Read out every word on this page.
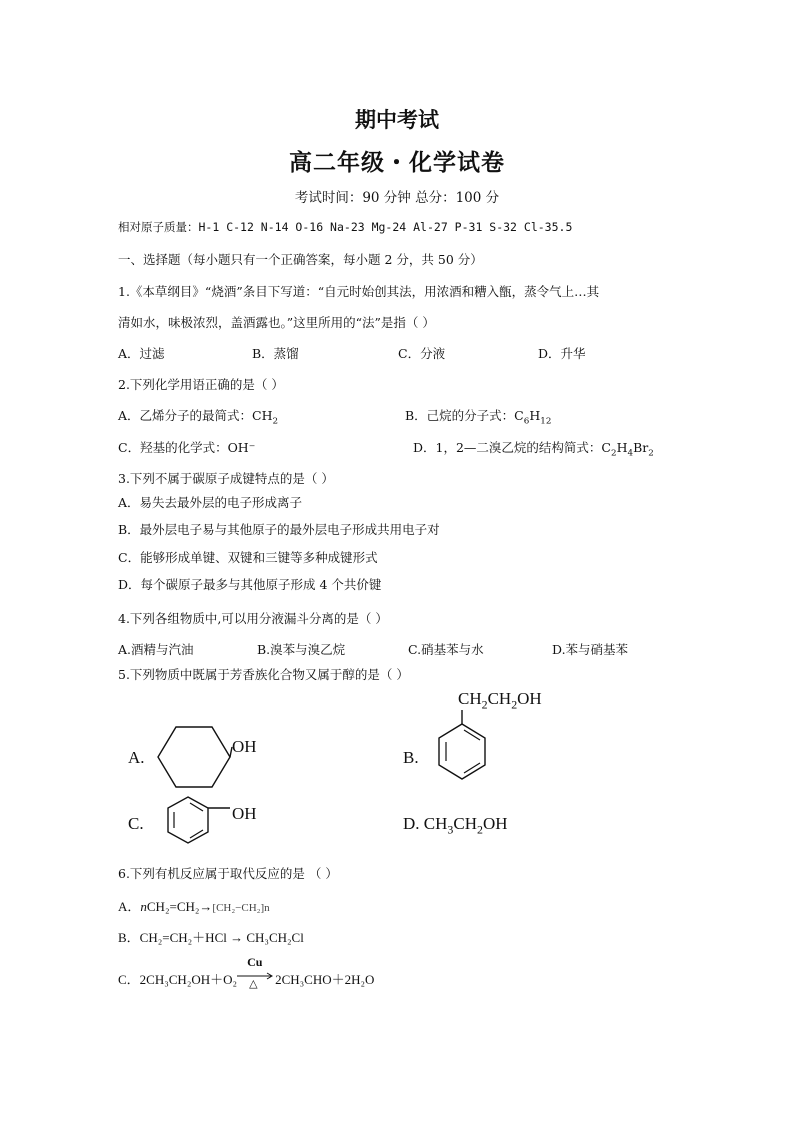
期中考试
高二年级・化学试卷
考试时间：90 分钟 总分：100 分
相对原子质量：H-1 C-12 N-14 O-16 Na-23 Mg-24 Al-27 P-31 S-32 Cl-35.5
一、选择题（每小题只有一个正确答案，每小题 2 分，共 50 分）
1.《本草纲目》“烧酒”条目下写道：“自元时始创其法，用浓酒和糟入甑，蒸令气上…其
清如水，味极浓烈，盖酒露也。”这里所用的“法”是指（ ）
A．过滤	B．蒸馏	C．分液	D．升华
2.下列化学用语正确的是（ ）
A．乙烯分子的最简式：$CH_2$	B．己烷的分子式：$C_6H_{12}$
C．羟基的化学式：OH⁻	D．1，2—二溴乙烷的结构简式：$C_2H_4Br_2$
3.下列不属于碳原子成键特点的是（ ）
A．易失去最外层的电子形成离子
B．最外层电子易与其他原子的最外层电子形成共用电子对
C．能够形成单键、双键和三键等多种成键形式
D．每个碳原子最多与其他原子形成 4 个共价键
4.下列各组物质中,可以用分液漏斗分离的是（ ）
A.酒精与汽油	B.溴苯与溴乙烷	C.硝基苯与水	D.苯与硝基苯
5.下列物质中既属于芳香族化合物又属于醇的是（ ）
A.
OH
B.
$CH_2CH_2OH$
C.
OH
D. $CH_3CH_2OH$
6.下列有机反应属于取代反应的是 （ ）
A．nCH₂=CH₂→[CH₂−CH₂]n
B．CH₂=CH₂＋HCl → CH₃CH₂Cl
C．2CH₃CH₂OH＋O₂
Cu
△ 2CH₃CHO＋2H₂O
